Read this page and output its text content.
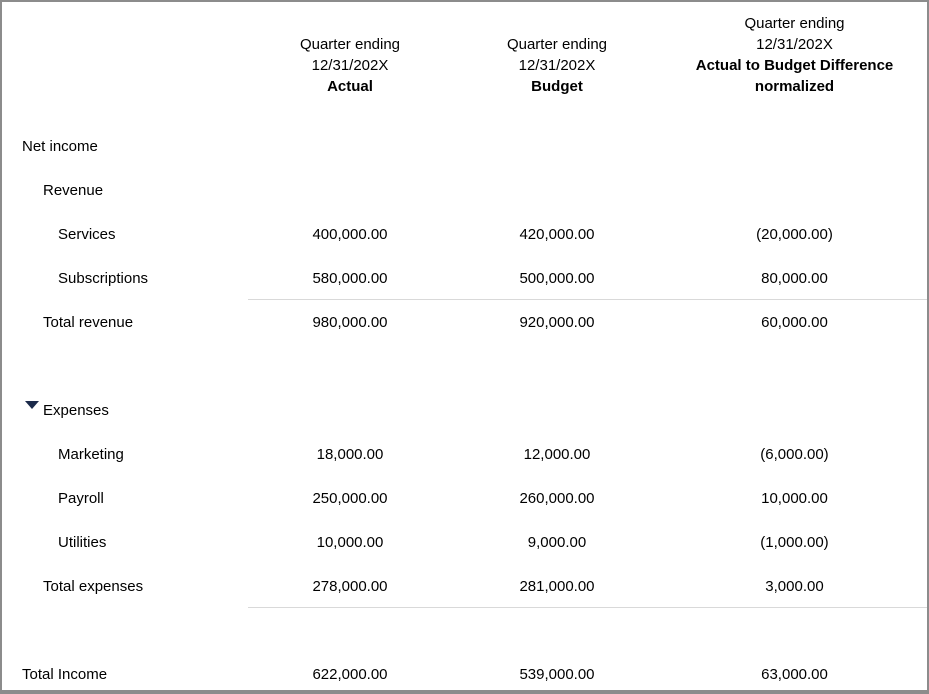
Quarter ending
12/31/202X
Actual
Quarter ending
12/31/202X
Budget
Quarter ending
12/31/202X
Actual to Budget Difference
normalized
Net income
Revenue
Services	400,000.00	420,000.00	(20,000.00)
Subscriptions	580,000.00	500,000.00	80,000.00
Total revenue	980,000.00	920,000.00	60,000.00
Expenses
Marketing	18,000.00	12,000.00	(6,000.00)
Payroll	250,000.00	260,000.00	10,000.00
Utilities	10,000.00	9,000.00	(1,000.00)
Total expenses	278,000.00	281,000.00	3,000.00
Total Income	622,000.00	539,000.00	63,000.00
